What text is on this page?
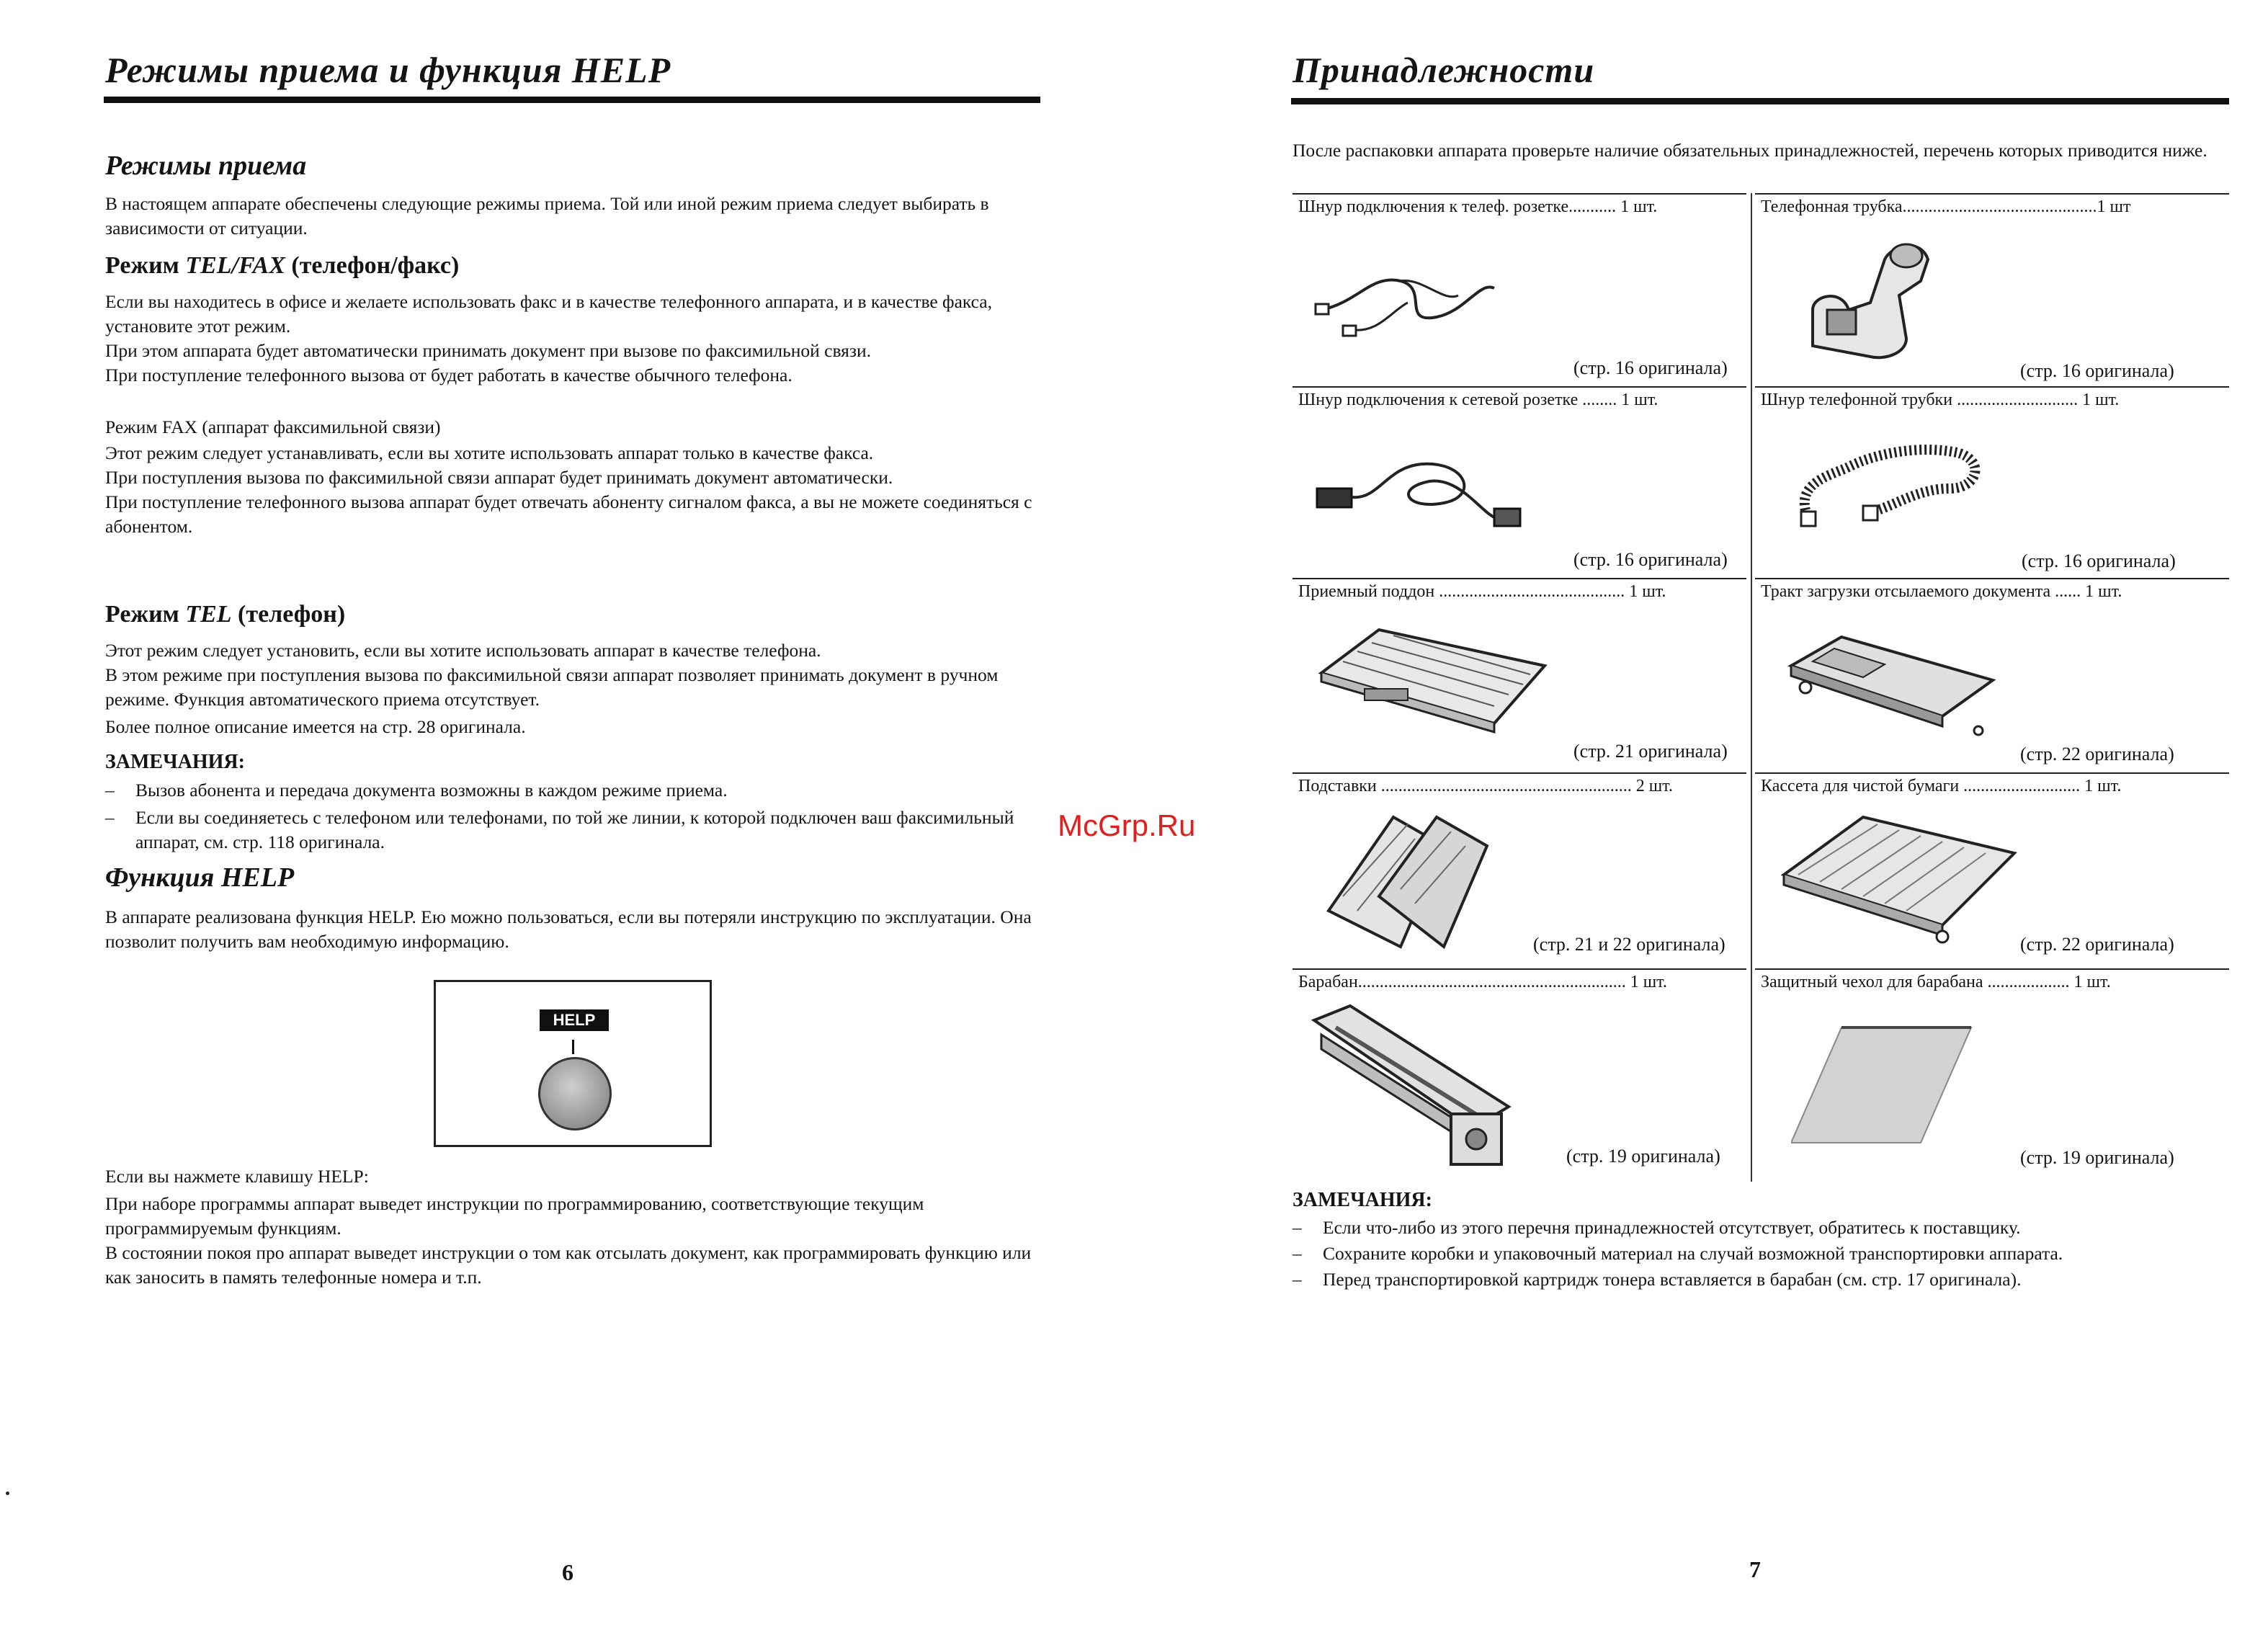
Режимы приема и функция HELP
Режимы приема
В настоящем аппарате обеспечены следующие режимы приема. Той или иной режим приема следует выбирать в зависимости от ситуации.
Режим TEL/FAX (телефон/факс)

Если вы находитесь в офисе и желаете использовать факс и в качестве телефонного аппарата, и в качестве факса, установите этот режим.

При этом аппарата будет автоматически принимать документ при вызове по факсимильной связи.

При поступление телефонного вызова от будет работать в качестве обычного телефона.

Режим FAX (аппарат факсимильной связи)

Этот режим следует устанавливать, если вы хотите использовать аппарат только в качестве факса.

При поступления вызова по факсимильной связи аппарат будет принимать документ автоматически.

При поступление телефонного вызова аппарат будет отвечать абоненту сигналом факса, а вы не можете соединяться с абонентом.

Режим TEL (телефон)

Этот режим следует установить, если вы хотите использовать аппарат в качестве телефона.

В этом режиме при поступления вызова по факсимильной связи аппарат позволяет принимать документ в ручном режиме. Функция автоматического приема отсутствует.

Более полное описание имеется на стр. 28 оригинала.

ЗАМЕЧАНИЯ:
– Вызов абонента и передача документа возможны в каждом режиме приема.
– Если вы соединяетесь с телефоном или телефонами, по той же линии, к которой подключен ваш факсимильный аппарат, см. стр. 118 оригинала.
Функция HELP
В аппарате реализована функция HELP. Ею можно пользоваться, если вы потеряли инструкцию по эксплуатации. Она позволит получить вам необходимую информацию.
HELP
Если вы нажмете клавишу HELP:

При наборе программы аппарат выведет инструкции по программированию, соответствующие текущим программируемым функциям.

В состоянии покоя про аппарат выведет инструкции о том как отсылать документ, как программировать функцию или как заносить в память телефонные номера и т.п.

6
McGrp.Ru
Принадлежности
После распаковки аппарата проверьте наличие обязательных принадлежностей, перечень которых приводится ниже.
Шнур подключения к телеф. розетке........... 1 шт.
(стр. 16 оригинала)
Телефонная трубка.............................................1 шт
(стр. 16 оригинала)
Шнур подключения к сетевой розетке ........ 1 шт.
(стр. 16 оригинала)
Шнур телефонной трубки ............................ 1 шт.
(стр. 16 оригинала)
Приемный поддон ........................................... 1 шт.
(стр. 21 оригинала)
Тракт загрузки отсылаемого документа ...... 1 шт.
(стр. 22 оригинала)
Подставки .......................................................... 2 шт.
(стр. 21 и 22 оригинала)
Кассета для чистой бумаги ........................... 1 шт.
(стр. 22 оригинала)
Барабан.............................................................. 1 шт.
(стр. 19 оригинала)
Защитный чехол для барабана ................... 1 шт.
(стр. 19 оригинала)
ЗАМЕЧАНИЯ:
– Если что-либо из этого перечня принадлежностей отсутствует, обратитесь к поставщику.
– Сохраните коробки и упаковочный материал на случай возможной транспортировки аппарата.
– Перед транспортировкой картридж тонера вставляется в барабан (см. стр. 17 оригинала).
7
